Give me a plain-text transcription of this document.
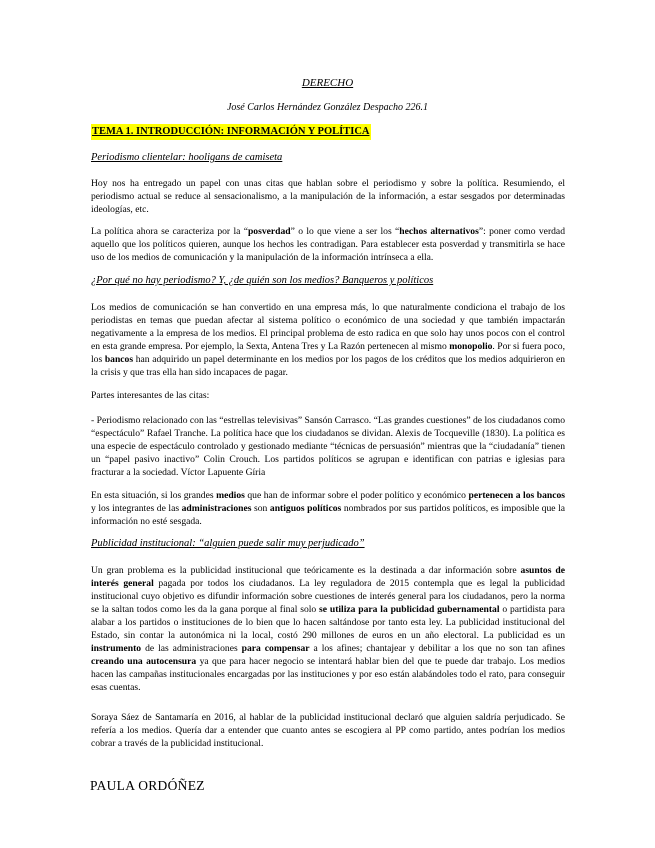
DERECHO
José Carlos Hernández González Despacho 226.1
TEMA 1. INTRODUCCIÓN: INFORMACIÓN Y POLÍTICA
Periodismo clientelar: hooligans de camiseta

Hoy nos ha entregado un papel con unas citas que hablan sobre el periodismo y sobre la política. Resumiendo, el periodismo actual se reduce al sensacionalismo, a la manipulación de la información, a estar sesgados por determinadas ideologías, etc.

La política ahora se caracteriza por la “posverdad” o lo que viene a ser los “hechos alternativos”: poner como verdad aquello que los políticos quieren, aunque los hechos les contradigan. Para establecer esta posverdad y transmitirla se hace uso de los medios de comunicación y la manipulación de la información intrínseca a ella.

¿Por qué no hay periodismo? Y, ¿de quién son los medios? Banqueros y políticos

Los medios de comunicación se han convertido en una empresa más, lo que naturalmente condiciona el trabajo de los periodistas en temas que puedan afectar al sistema político o económico de una sociedad y que también impactarán negativamente a la empresa de los medios. El principal problema de esto radica en que solo hay unos pocos con el control en esta grande empresa. Por ejemplo, la Sexta, Antena Tres y La Razón pertenecen al mismo monopolio. Por si fuera poco, los bancos han adquirido un papel determinante en los medios por los pagos de los créditos que los medios adquirieron en la crisis y que tras ella han sido incapaces de pagar.

Partes interesantes de las citas:

- Periodismo relacionado con las “estrellas televisivas” Sansón Carrasco. “Las grandes cuestiones” de los ciudadanos como “espectáculo” Rafael Tranche. La política hace que los ciudadanos se dividan. Alexis de Tocqueville (1830). La política es una especie de espectáculo controlado y gestionado mediante “técnicas de persuasión” mientras que la “ciudadanía” tienen un “papel pasivo inactivo” Colin Crouch. Los partidos políticos se agrupan e identifican con patrias e iglesias para fracturar a la sociedad. Víctor Lapuente Gíria

En esta situación, si los grandes medios que han de informar sobre el poder político y económico pertenecen a los bancos y los integrantes de las administraciones son antiguos políticos nombrados por sus partidos políticos, es imposible que la información no esté sesgada.

Publicidad institucional: “alguien puede salir muy perjudicado”

Un gran problema es la publicidad institucional que teóricamente es la destinada a dar información sobre asuntos de interés general pagada por todos los ciudadanos. La ley reguladora de 2015 contempla que es legal la publicidad institucional cuyo objetivo es difundir información sobre cuestiones de interés general para los ciudadanos, pero la norma se la saltan todos como les da la gana porque al final solo se utiliza para la publicidad gubernamental o partidista para alabar a los partidos o instituciones de lo bien que lo hacen saltándose por tanto esta ley. La publicidad institucional del Estado, sin contar la autonómica ni la local, costó 290 millones de euros en un año electoral. La publicidad es un instrumento de las administraciones para compensar a los afines; chantajear y debilitar a los que no son tan afines creando una autocensura ya que para hacer negocio se intentará hablar bien del que te puede dar trabajo. Los medios hacen las campañas institucionales encargadas por las instituciones y por eso están alabándoles todo el rato, para conseguir esas cuentas.

Soraya Sáez de Santamaría en 2016, al hablar de la publicidad institucional declaró que alguien saldría perjudicado. Se refería a los medios. Quería dar a entender que cuanto antes se escogiera al PP como partido, antes podrían los medios cobrar a través de la publicidad institucional.

PAULA ORDÓÑEZ
